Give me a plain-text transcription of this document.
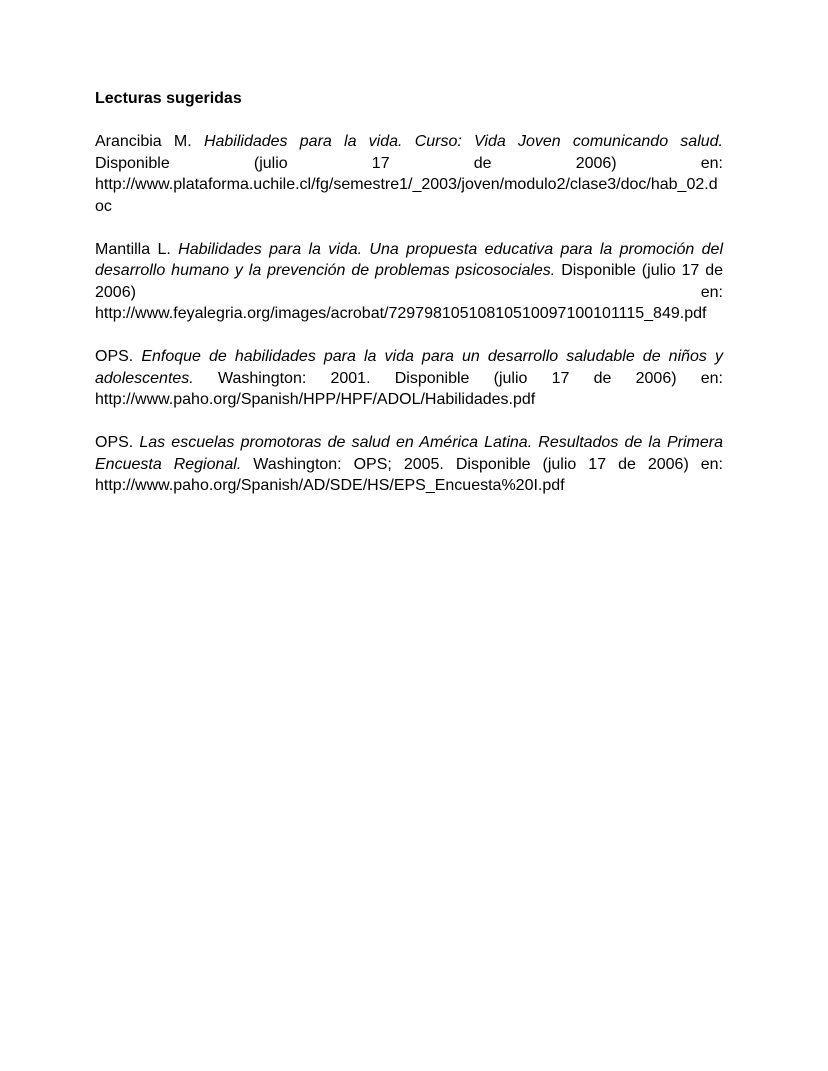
Lecturas sugeridas

Arancibia M. Habilidades para la vida. Curso: Vida Joven comunicando salud. Disponible (julio 17 de 2006) en: http://www.plataforma.uchile.cl/fg/semestre1/_2003/joven/modulo2/clase3/doc/hab_02.doc

Mantilla L. Habilidades para la vida. Una propuesta educativa para la promoción del desarrollo humano y la prevención de problemas psicosociales. Disponible (julio 17 de 2006) en: http://www.feyalegria.org/images/acrobat/72979810510810510097100101115_849.pdf

OPS. Enfoque de habilidades para la vida para un desarrollo saludable de niños y adolescentes. Washington: 2001. Disponible (julio 17 de 2006) en: http://www.paho.org/Spanish/HPP/HPF/ADOL/Habilidades.pdf

OPS. Las escuelas promotoras de salud en América Latina. Resultados de la Primera Encuesta Regional. Washington: OPS; 2005. Disponible (julio 17 de 2006) en: http://www.paho.org/Spanish/AD/SDE/HS/EPS_Encuesta%20I.pdf
